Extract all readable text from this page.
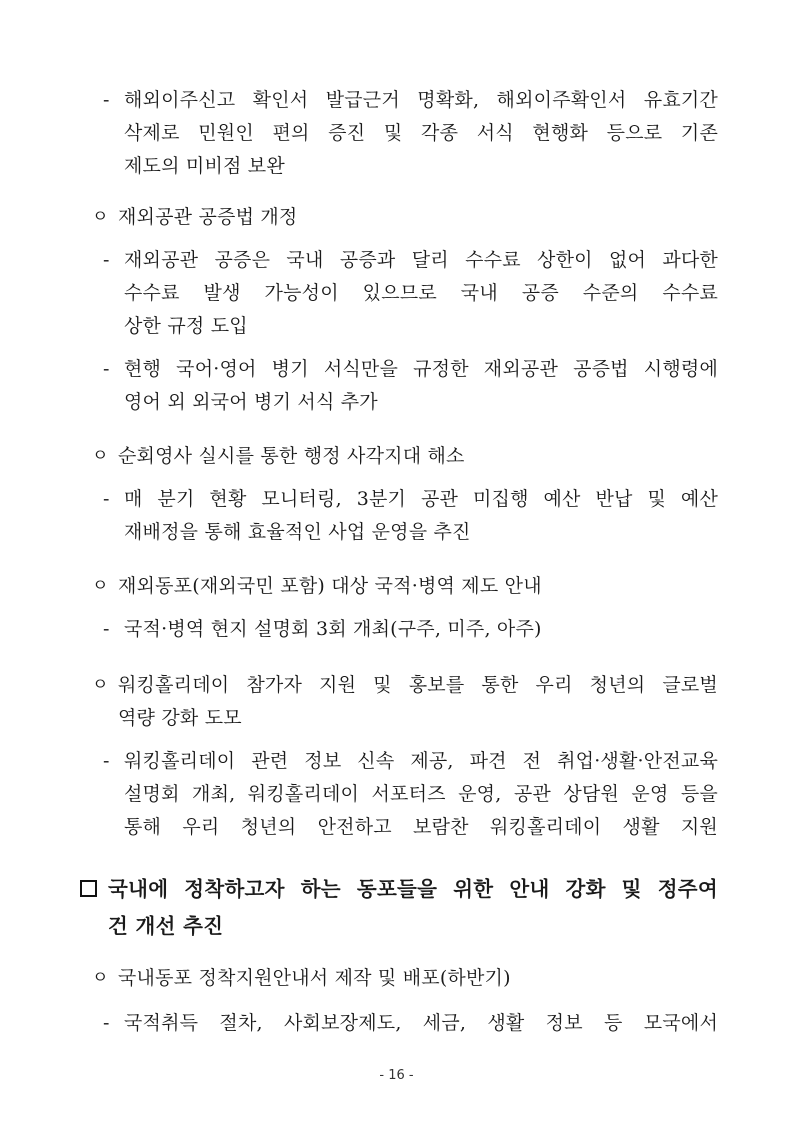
- 해외이주신고 확인서 발급근거 명확화, 해외이주확인서 유효기간
삭제로 민원인 편의 증진 및 각종 서식 현행화 등으로 기존
제도의 미비점 보완
ㅇ 재외공관 공증법 개정
- 재외공관 공증은 국내 공증과 달리 수수료 상한이 없어 과다한
수수료 발생 가능성이 있으므로 국내 공증 수준의 수수료
상한 규정 도입
- 현행 국어·영어 병기 서식만을 규정한 재외공관 공증법 시행령에
영어 외 외국어 병기 서식 추가
ㅇ 순회영사 실시를 통한 행정 사각지대 해소
- 매 분기 현황 모니터링, 3분기 공관 미집행 예산 반납 및 예산
재배정을 통해 효율적인 사업 운영을 추진
ㅇ 재외동포(재외국민 포함) 대상 국적·병역 제도 안내
- 국적·병역 현지 설명회 3회 개최(구주, 미주, 아주)
ㅇ 워킹홀리데이 참가자 지원 및 홍보를 통한 우리 청년의 글로벌
역량 강화 도모
- 워킹홀리데이 관련 정보 신속 제공, 파견 전 취업·생활·안전교육
설명회 개최, 워킹홀리데이 서포터즈 운영, 공관 상담원 운영 등을
통해 우리 청년의 안전하고 보람찬 워킹홀리데이 생활 지원
국내에 정착하고자 하는 동포들을 위한 안내 강화 및 정주여
건 개선 추진
ㅇ 국내동포 정착지원안내서 제작 및 배포(하반기)
- 국적취득 절차, 사회보장제도, 세금, 생활 정보 등 모국에서
- 16 -
